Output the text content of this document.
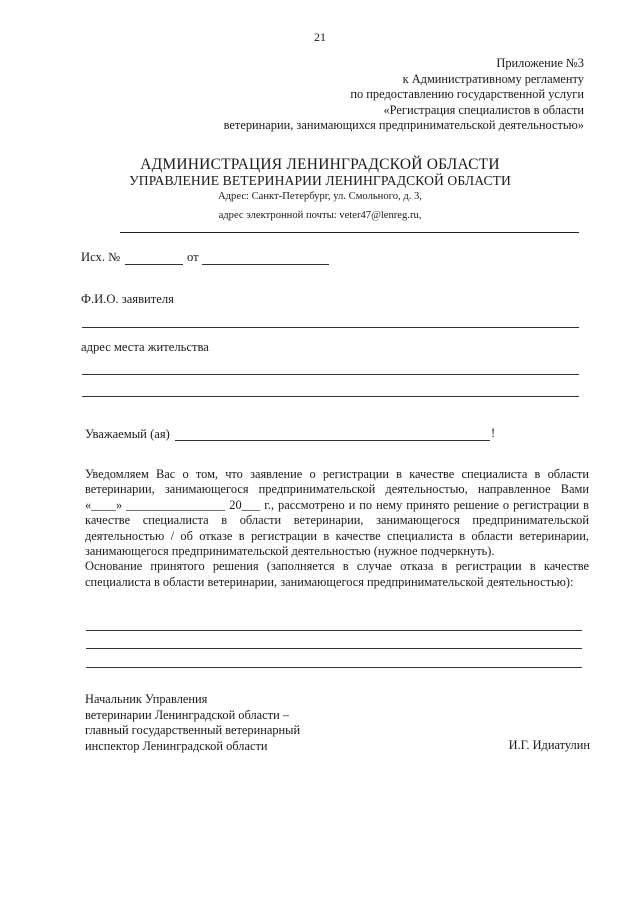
21
Приложение №3
к Административному регламенту
по предоставлению государственной услуги
«Регистрация специалистов в области
ветеринарии, занимающихся предпринимательской деятельностью»
АДМИНИСТРАЦИЯ ЛЕНИНГРАДСКОЙ ОБЛАСТИ
УПРАВЛЕНИЕ ВЕТЕРИНАРИИ ЛЕНИНГРАДСКОЙ ОБЛАСТИ
Адрес: Санкт-Петербург, ул. Смольного, д. 3,
адрес электронной почты: veter47@lenreg.ru,
Исх. №	от
Ф.И.О. заявителя
адрес места жительства
Уважаемый (ая)	!

Уведомляем Вас о том, что заявление о регистрации в качестве специалиста в области ветеринарии, занимающегося предпринимательской деятельностью, направленное Вами «____» ________________ 20___ г., рассмотрено и по нему принято решение о регистрации в качестве специалиста в области ветеринарии, занимающегося предпринимательской деятельностью / об отказе в регистрации в качестве специалиста в области ветеринарии, занимающегося предпринимательской деятельностью (нужное подчеркнуть).

Основание принятого решения (заполняется в случае отказа в регистрации в качестве специалиста в области ветеринарии, занимающегося предпринимательской деятельностью):

Начальник Управления
ветеринарии Ленинградской области –
главный государственный ветеринарный
инспектор Ленинградской области	И.Г. Идиатулин
